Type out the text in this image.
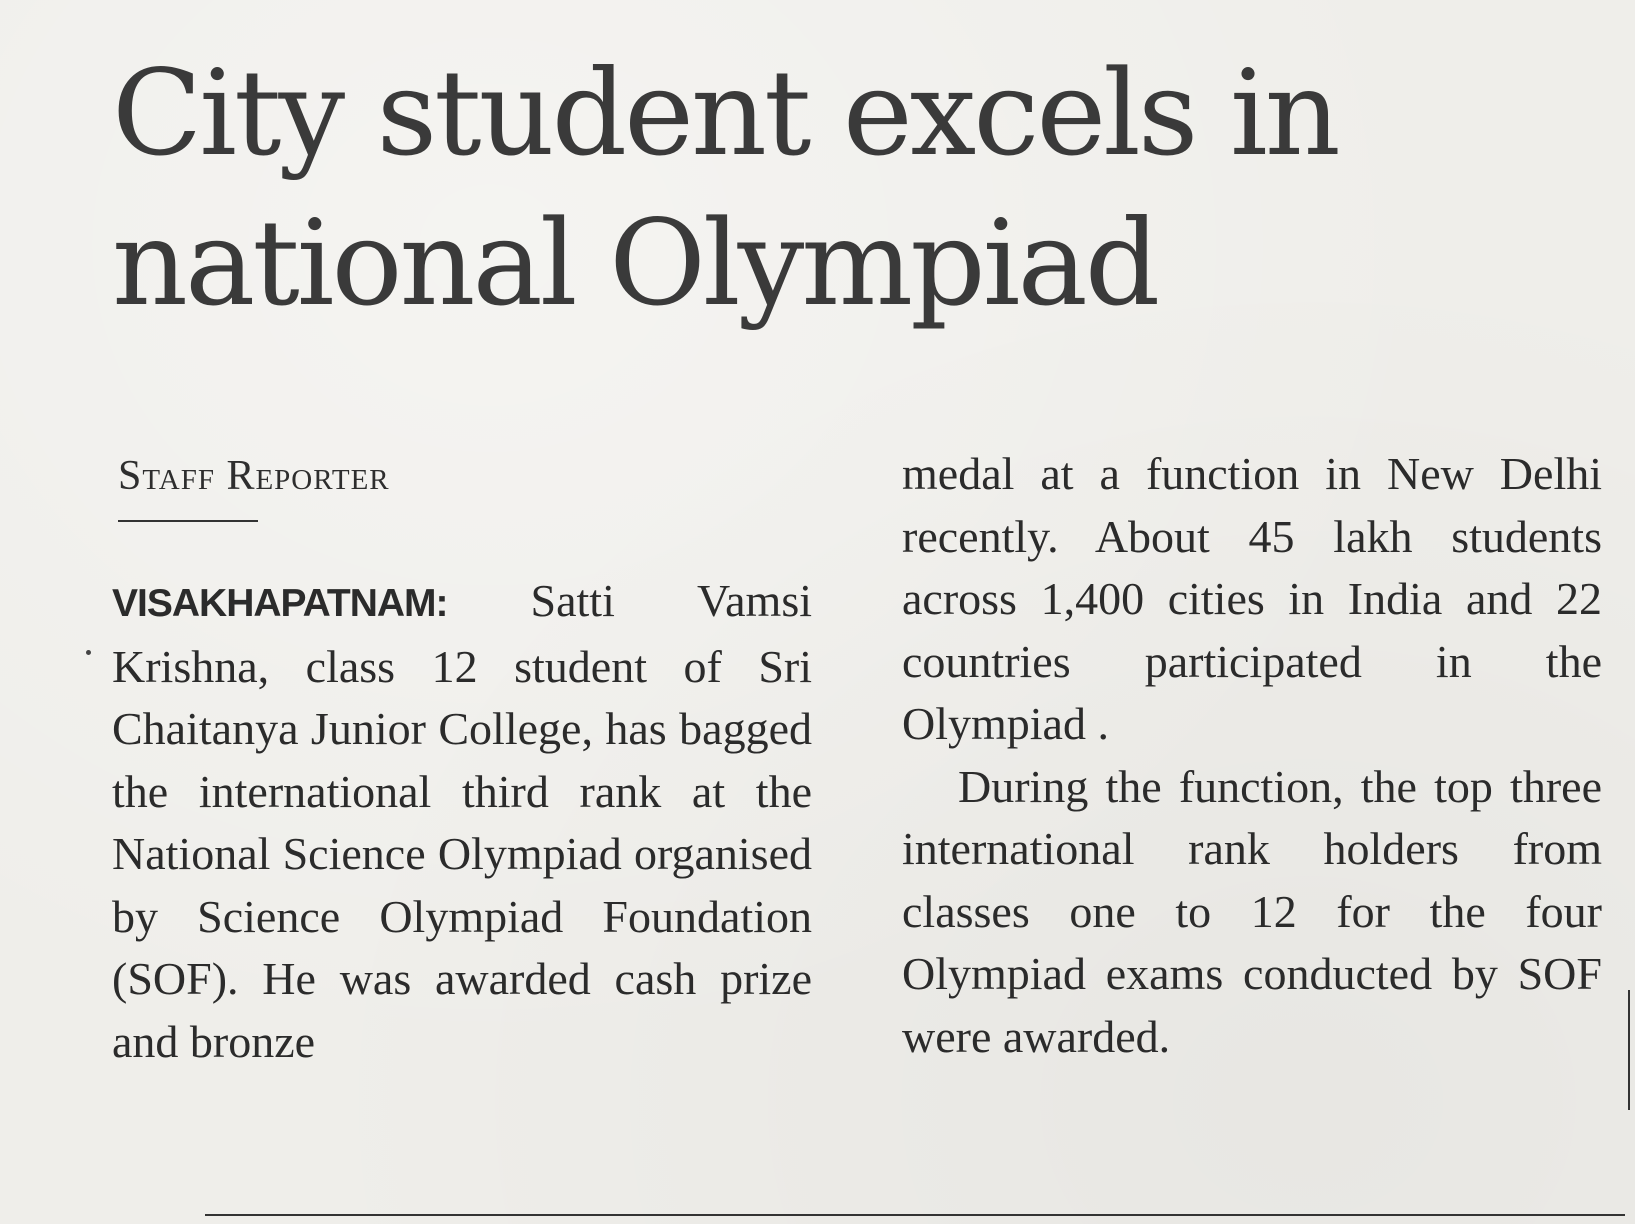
City student excels in national Olympiad
Staff Reporter

VISAKHAPATNAM: Satti Vamsi Krishna, class 12 student of Sri Chaitanya Junior College, has bagged the international third rank at the National Science Olympiad organised by Science Olympiad Foundation (SOF). He was awarded cash prize and bronze

medal at a function in New Delhi recently. About 45 lakh students across 1,400 cities in India and 22 countries participated in the Olympiad .

During the function, the top three international rank holders from classes one to 12 for the four Olympiad exams conducted by SOF were awarded.
